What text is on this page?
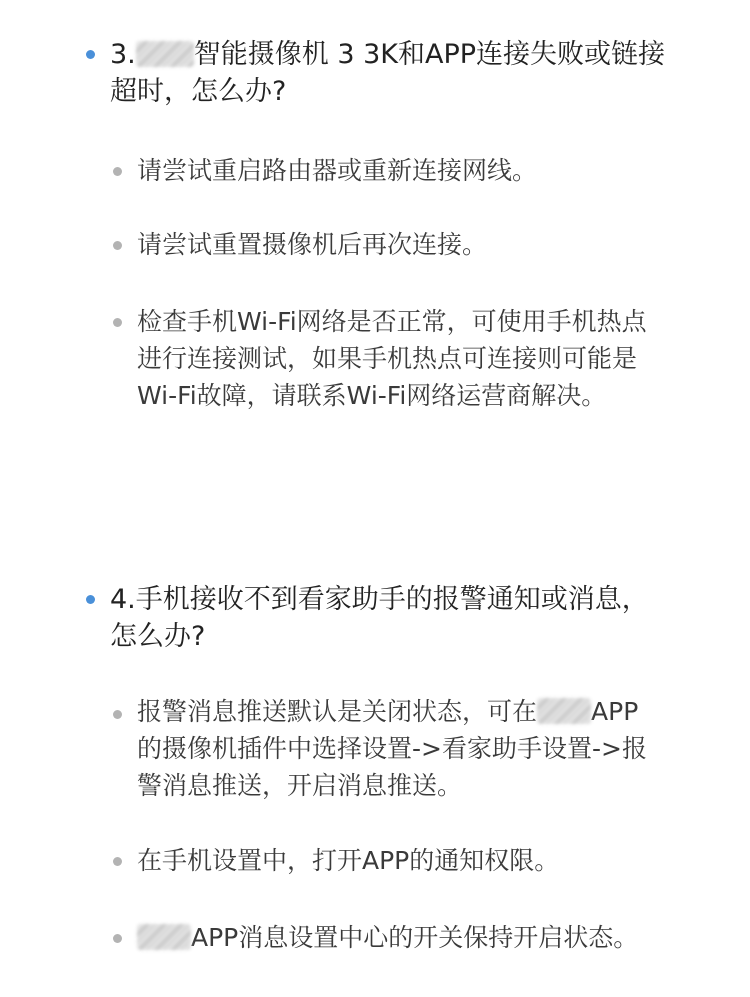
3. 智能摄像机 3 3K和APP连接失败或链接超时，怎么办?

请尝试重启路由器或重新连接网线。

请尝试重置摄像机后再次连接。

检查手机Wi-Fi网络是否正常，可使用手机热点进行连接测试，如果手机热点可连接则可能是Wi-Fi故障，请联系Wi-Fi网络运营商解决。

4.手机接收不到看家助手的报警通知或消息，怎么办?

报警消息推送默认是关闭状态，可在 APP的摄像机插件中选择设置->看家助手设置->报警消息推送，开启消息推送。

在手机设置中，打开APP的通知权限。

APP消息设置中心的开关保持开启状态。
